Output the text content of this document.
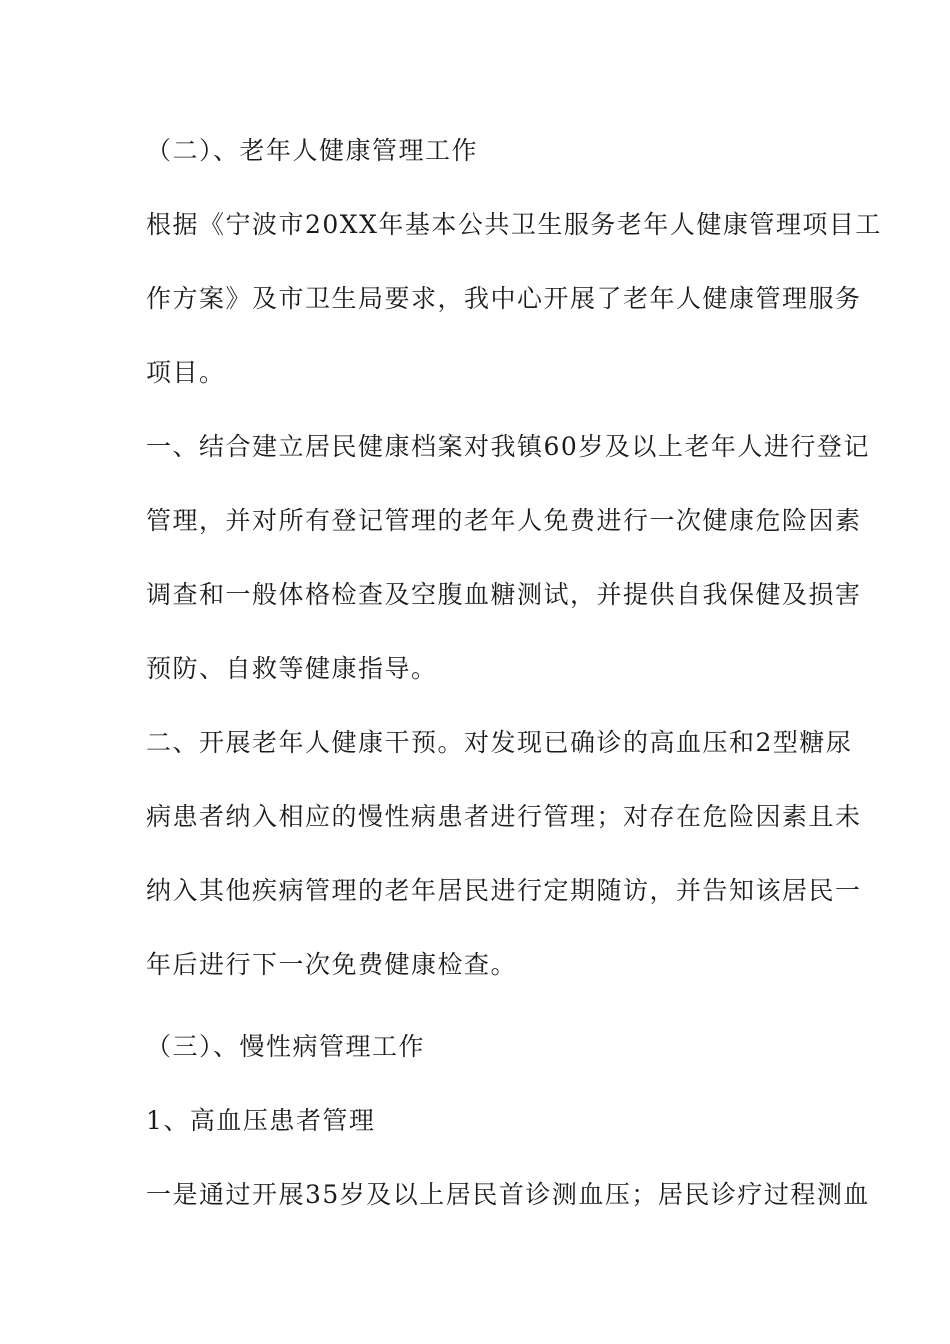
（二）、老年人健康管理工作
根据《宁波市20XX年基本公共卫生服务老年人健康管理项目工
作方案》及市卫生局要求，我中心开展了老年人健康管理服务
项目。
一、结合建立居民健康档案对我镇60岁及以上老年人进行登记
管理，并对所有登记管理的老年人免费进行一次健康危险因素
调查和一般体格检查及空腹血糖测试，并提供自我保健及损害
预防、自救等健康指导。
二、开展老年人健康干预。对发现已确诊的高血压和2型糖尿
病患者纳入相应的慢性病患者进行管理；对存在危险因素且未
纳入其他疾病管理的老年居民进行定期随访，并告知该居民一
年后进行下一次免费健康检查。
（三）、慢性病管理工作
1、高血压患者管理
一是通过开展35岁及以上居民首诊测血压；居民诊疗过程测血
